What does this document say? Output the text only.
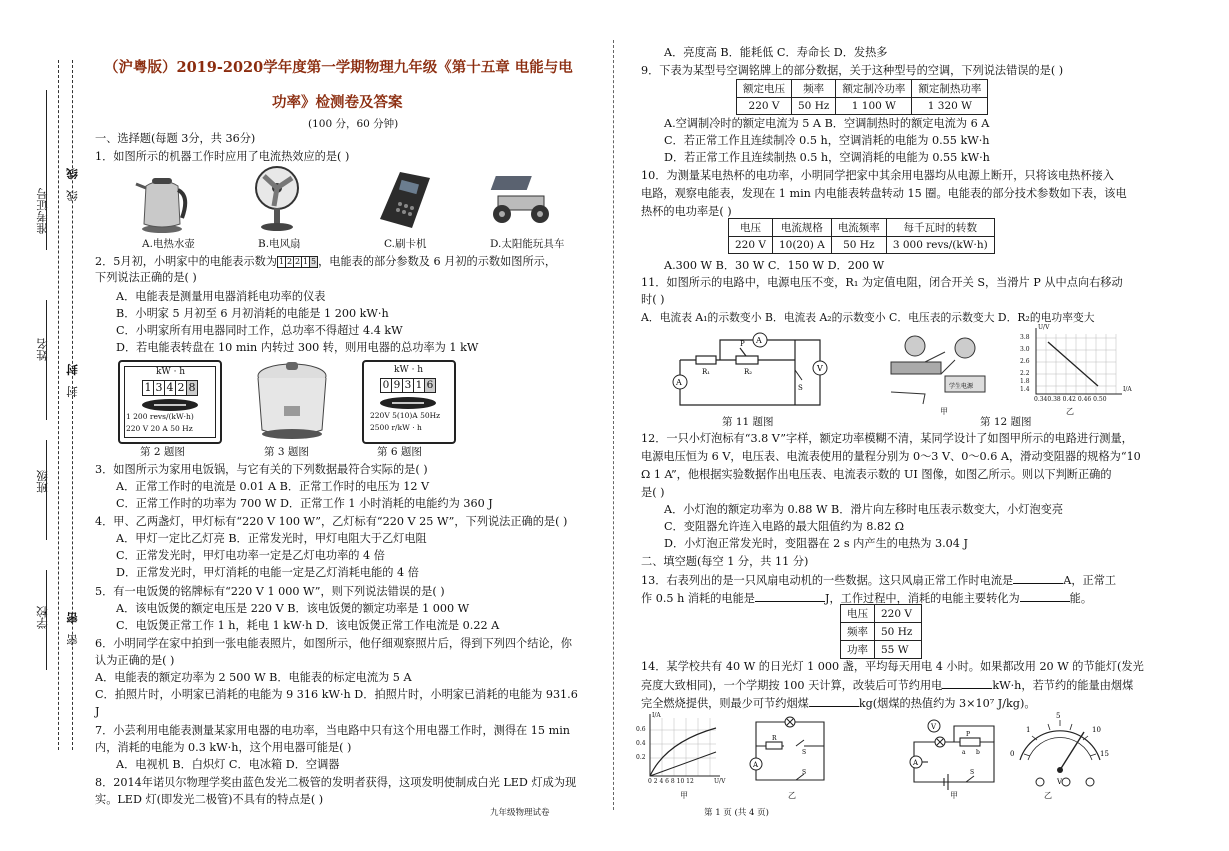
准考证号
姓名
班级
学校
线
封
密
线
封
密
（沪粤版）2019-2020学年度第一学期物理九年级《第十五章 电能与电
功率》检测卷及答案
(100 分，60 分钟)
一、选择题(每题 3分，共 36分)
1．如图所示的机器工作时应用了电流热效应的是( )
A.电热水壶	B.电风扇	C.刷卡机	D.太阳能玩具车
2．5月初，小明家中的电能表示数为 1 2 2 1 5 ，电能表的部分参数及 6 月初的示数如图所示，
下列说法正确的是( )
A．电能表是测量用电器消耗电功率的仪表
B．小明家 5 月初至 6 月初消耗的电能是 1 200 kW·h
C．小明家所有用电器同时工作，总功率不得超过 4.4 kW
D．若电能表转盘在 10 min 内转过 300 转，则用电器的总功率为 1 kW
kW · h
1 3 4 2 8
1 200 revs/(kW·h)
220 V 20 A 50 Hz
kW · h
0 9 3 1 6
220V 5(10)A 50Hz
2500 r/kW · h
第 2 题图	第 3 题图	第 6 题图
3．如图所示为家用电饭锅，与它有关的下列数据最符合实际的是( )
A．正常工作时的电流是 0.01 A B．正常工作时的电压为 12 V
C．正常工作时的功率为 700 W D．正常工作 1 小时消耗的电能约为 360 J
4．甲、乙两盏灯，甲灯标有“220 V 100 W”，乙灯标有“220 V 25 W”，下列说法正确的是( )
A．甲灯一定比乙灯亮 B．正常发光时，甲灯电阻大于乙灯电阻
C．正常发光时，甲灯电功率一定是乙灯电功率的 4 倍
D．正常发光时，甲灯消耗的电能一定是乙灯消耗电能的 4 倍
5．有一电饭煲的铭牌标有“220 V 1 000 W”，则下列说法错误的是( )
A．该电饭煲的额定电压是 220 V B．该电饭煲的额定功率是 1 000 W
C．电饭煲正常工作 1 h，耗电 1 kW·h D．该电饭煲正常工作电流是 0.22 A
6．小明同学在家中拍到一张电能表照片，如图所示，他仔细观察照片后，得到下列四个结论，你
认为正确的是( )
A．电能表的额定功率为 2 500 W B．电能表的标定电流为 5 A
C．拍照片时，小明家已消耗的电能为 9 316 kW·h D．拍照片时，小明家已消耗的电能为 931.6
J
7．小芸利用电能表测量某家用电器的电功率，当电路中只有这个用电器工作时，测得在 15 min
内，消耗的电能为 0.3 kW·h，这个用电器可能是( )
A．电视机 B．白炽灯 C．电冰箱 D．空调器
8．2014年诺贝尔物理学奖由蓝色发光二极管的发明者获得，这项发明使制成白光 LED 灯成为现
实。LED 灯(即发光二极管)不具有的特点是( )
九年级物理试卷
A．亮度高 B．能耗低 C．寿命长 D．发热多
9．下表为某型号空调铭牌上的部分数据，关于这种型号的空调，下列说法错误的是( )
额定电压	频率	额定制冷功率	额定制热功率
220 V	50 Hz	1 100 W	1 320 W
A.空调制冷时的额定电流为 5 A B．空调制热时的额定电流为 6 A
C．若正常工作且连续制冷 0.5 h，空调消耗的电能为 0.55 kW·h
D．若正常工作且连续制热 0.5 h，空调消耗的电能为 0.55 kW·h
10．为测量某电热杯的电功率，小明同学把家中其余用电器均从电源上断开，只将该电热杯接入
电路，观察电能表，发现在 1 min 内电能表转盘转动 15 圈。电能表的部分技术参数如下表，该电
热杯的电功率是( )
电压	电流规格	电流频率	每千瓦时的转数
220 V	10(20) A	50 Hz	3 000 revs/(kW·h)
A.300 W B．30 W C．150 W D．200 W
11．如图所示的电路中，电源电压不变，R₁ 为定值电阻，闭合开关 S，当滑片 P 从中点向右移动
时( )
A．电流表 A₁的示数变小 B．电流表 A₂的示数变小 C．电压表的示数变大 D．R₂的电功率变大
A
A
V
R₁	R₂
P
S	学生电源
U/V
I/A
3.8
3.0
2.6
2.2
1.8
1.4
0.340.38 0.42 0.46 0.50
甲	乙
第 11 题图	第 12 题图
12．一只小灯泡标有“3.8 V”字样，额定功率模糊不清，某同学设计了如图甲所示的电路进行测量，
电源电压恒为 6 V，电压表、电流表使用的量程分别为 0～3 V、0～0.6 A，滑动变阻器的规格为“10
Ω 1 A”，他根据实验数据作出电压表、电流表示数的 UI 图像，如图乙所示。则以下判断正确的
是( )
A．小灯泡的额定功率为 0.88 W B．滑片向左移时电压表示数变大，小灯泡变亮
C．变阻器允许连入电路的最大阻值约为 8.82 Ω
D．小灯泡正常发光时，变阻器在 2 s 内产生的电热为 3.04 J
二、填空题(每空 1 分，共 11 分)
13．右表列出的是一只风扇电动机的一些数据。这只风扇正常工作时电流是	A，正常工
作 0.5 h 消耗的电能是	J，工作过程中，消耗的电能主要转化为	能。
电压	220 V
频率	50 Hz
功率	55 W
14．某学校共有 40 W 的日光灯 1 000 盏，平均每天用电 4 小时。如果都改用 20 W 的节能灯(发光
亮度大致相同)，一个学期按 100 天计算，改装后可节约用电	kW·h，若节约的能量由烟煤
完全燃烧提供，则最少可节约烟煤	kg(烟煤的热值约为 3×10⁷ J/kg)。
I/A
U/V
0.6
0.4
0.2
0 2 4 6 8 10 12
甲
A
R
S
S
乙
V
A
P
a b
S
甲
5
10
15
0
1
V
乙
第 1 页 (共 4 页)
